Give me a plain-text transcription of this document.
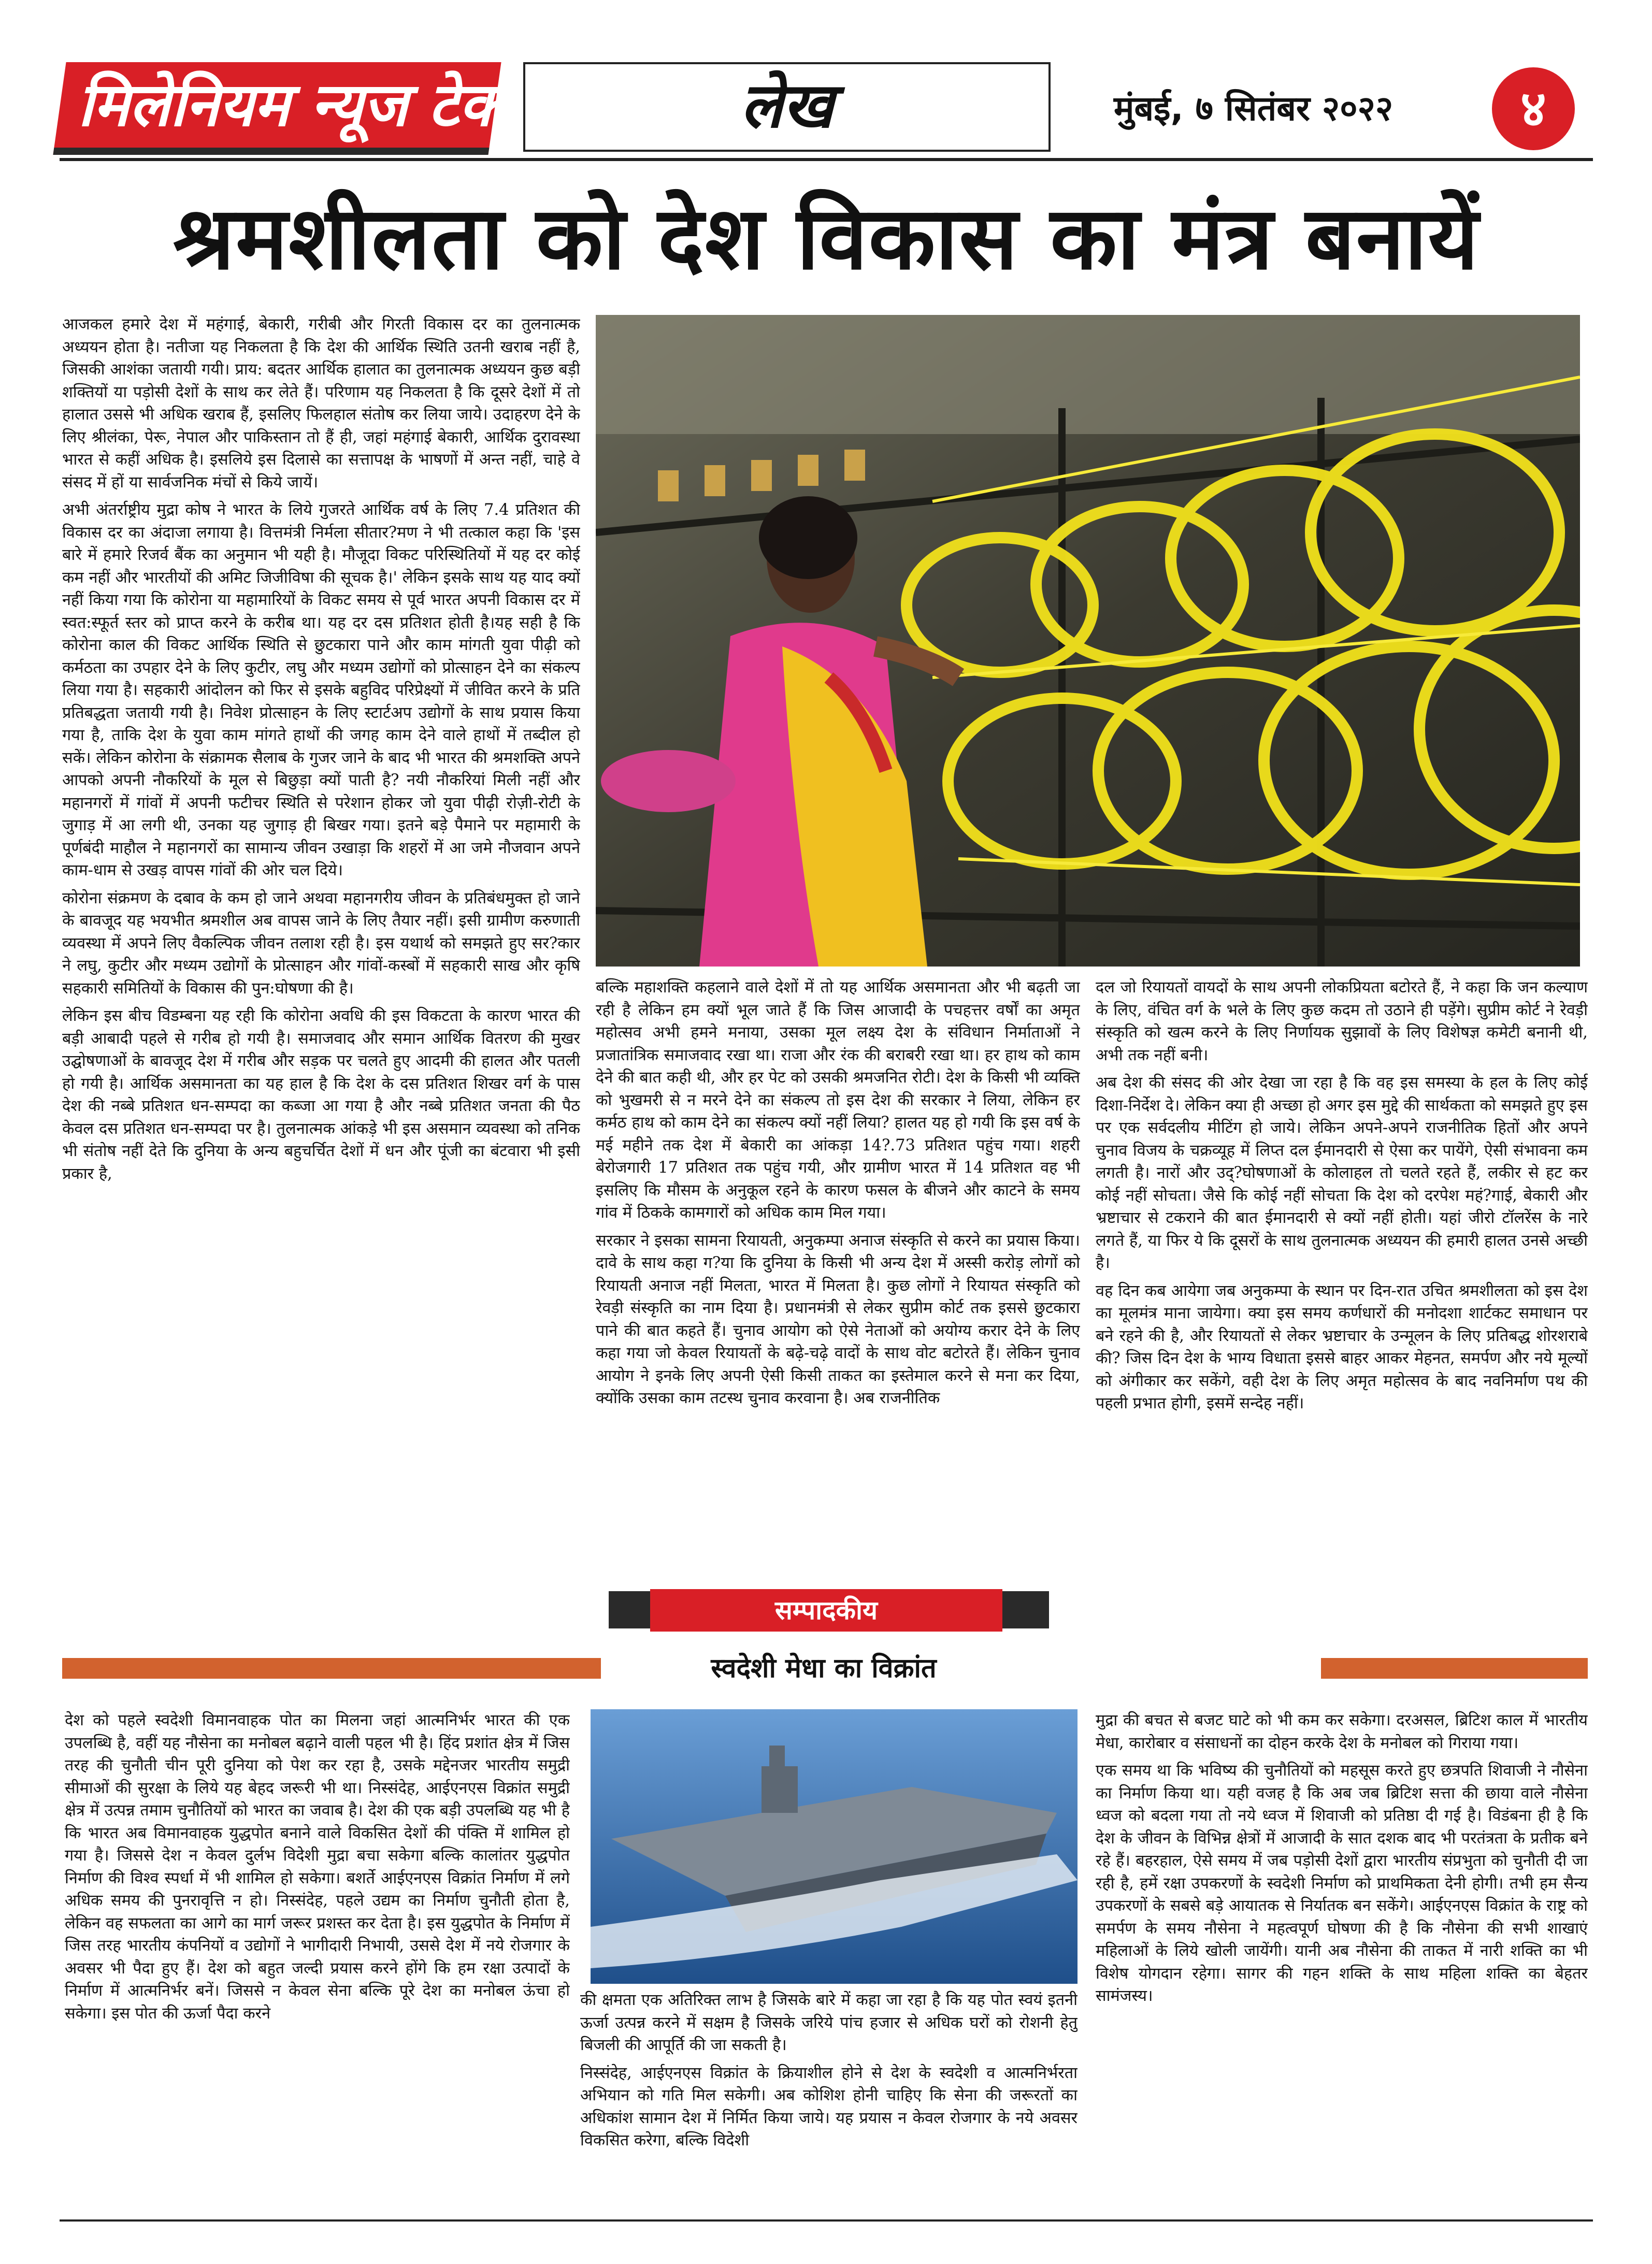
मिलेनियम न्यूज टेक	लेख	मुंबई, ७ सितंबर २०२२	४
श्रमशीलता को देश विकास का मंत्र बनायें

आजकल हमारे देश में महंगाई, बेकारी, गरीबी और गिरती विकास दर का तुलनात्मक अध्ययन होता है। नतीजा यह निकलता है कि देश की आर्थिक स्थिति उतनी खराब नहीं है, जिसकी आशंका जतायी गयी। प्राय: बदतर आर्थिक हालात का तुलनात्मक अध्ययन कुछ बड़ी शक्तियों या पड़ोसी देशों के साथ कर लेते हैं। परिणाम यह निकलता है कि दूसरे देशों में तो हालात उससे भी अधिक खराब हैं, इसलिए फिलहाल संतोष कर लिया जाये। उदाहरण देने के लिए श्रीलंका, पेरू, नेपाल और पाकिस्तान तो हैं ही, जहां महंगाई बेकारी, आर्थिक दुरावस्था भारत से कहीं अधिक है। इसलिये इस दिलासे का सत्तापक्ष के भाषणों में अन्त नहीं, चाहे वे संसद में हों या सार्वजनिक मंचों से किये जायें।

अभी अंतर्राष्ट्रीय मुद्रा कोष ने भारत के लिये गुजरते आर्थिक वर्ष के लिए 7.4 प्रतिशत की विकास दर का अंदाजा लगाया है। वित्तमंत्री निर्मला सीतार?मण ने भी तत्काल कहा कि 'इस बारे में हमारे रिजर्व बैंक का अनुमान भी यही है। मौजूदा विकट परिस्थितियों में यह दर कोई कम नहीं और भारतीयों की अमिट जिजीविषा की सूचक है।' लेकिन इसके साथ यह याद क्यों नहीं किया गया कि कोरोना या महामारियों के विकट समय से पूर्व भारत अपनी विकास दर में स्वत:स्फूर्त स्तर को प्राप्त करने के करीब था। यह दर दस प्रतिशत होती है।यह सही है कि कोरोना काल की विकट आर्थिक स्थिति से छुटकारा पाने और काम मांगती युवा पीढ़ी को कर्मठता का उपहार देने के लिए कुटीर, लघु और मध्यम उद्योगों को प्रोत्साहन देने का संकल्प लिया गया है। सहकारी आंदोलन को फिर से इसके बहुविद परिप्रेक्ष्यों में जीवित करने के प्रति प्रतिबद्धता जतायी गयी है। निवेश प्रोत्साहन के लिए स्टार्टअप उद्योगों के साथ प्रयास किया गया है, ताकि देश के युवा काम मांगते हाथों की जगह काम देने वाले हाथों में तब्दील हो सकें। लेकिन कोरोना के संक्रामक सैलाब के गुजर जाने के बाद भी भारत की श्रमशक्ति अपने आपको अपनी नौकरियों के मूल से बिछुड़ा क्यों पाती है? नयी नौकरियां मिली नहीं और महानगरों में गांवों में अपनी फटीचर स्थिति से परेशान होकर जो युवा पीढ़ी रोज़ी-रोटी के जुगाड़ में आ लगी थी, उनका यह जुगाड़ ही बिखर गया। इतने बड़े पैमाने पर महामारी के पूर्णबंदी माहौल ने महानगरों का सामान्य जीवन उखाड़ा कि शहरों में आ जमे नौजवान अपने काम-धाम से उखड़ वापस गांवों की ओर चल दिये।

कोरोना संक्रमण के दबाव के कम हो जाने अथवा महानगरीय जीवन के प्रतिबंधमुक्त हो जाने के बावजूद यह भयभीत श्रमशील अब वापस जाने के लिए तैयार नहीं। इसी ग्रामीण करुणाती व्यवस्था में अपने लिए वैकल्पिक जीवन तलाश रही है। इस यथार्थ को समझते हुए सर?कार ने लघु, कुटीर और मध्यम उद्योगों के प्रोत्साहन और गांवों-कस्बों में सहकारी साख और कृषि सहकारी समितियों के विकास की पुन:घोषणा की है।

लेकिन इस बीच विडम्बना यह रही कि कोरोना अवधि की इस विकटता के कारण भारत की बड़ी आबादी पहले से गरीब हो गयी है। समाजवाद और समान आर्थिक वितरण की मुखर उद्घोषणाओं के बावजूद देश में गरीब और सड़क पर चलते हुए आदमी की हालत और पतली हो गयी है। आर्थिक असमानता का यह हाल है कि देश के दस प्रतिशत शिखर वर्ग के पास देश की नब्बे प्रतिशत धन-सम्पदा का कब्जा आ गया है और नब्बे प्रतिशत जनता की पैठ केवल दस प्रतिशत धन-सम्पदा पर है। तुलनात्मक आंकड़े भी इस असमान व्यवस्था को तनिक भी संतोष नहीं देते कि दुनिया के अन्य बहुचर्चित देशों में धन और पूंजी का बंटवारा भी इसी प्रकार है,

बल्कि महाशक्ति कहलाने वाले देशों में तो यह आर्थिक असमानता और भी बढ़ती जा रही है लेकिन हम क्यों भूल जाते हैं कि जिस आजादी के पचहत्तर वर्षों का अमृत महोत्सव अभी हमने मनाया, उसका मूल लक्ष्य देश के संविधान निर्माताओं ने प्रजातांत्रिक समाजवाद रखा था। राजा और रंक की बराबरी रखा था। हर हाथ को काम देने की बात कही थी, और हर पेट को उसकी श्रमजनित रोटी। देश के किसी भी व्यक्ति को भुखमरी से न मरने देने का संकल्प तो इस देश की सरकार ने लिया, लेकिन हर कर्मठ हाथ को काम देने का संकल्प क्यों नहीं लिया? हालत यह हो गयी कि इस वर्ष के मई महीने तक देश में बेकारी का आंकड़ा 14?.73 प्रतिशत पहुंच गया। शहरी बेरोजगारी 17 प्रतिशत तक पहुंच गयी, और ग्रामीण भारत में 14 प्रतिशत वह भी इसलिए कि मौसम के अनुकूल रहने के कारण फसल के बीजने और काटने के समय गांव में ठिकके कामगारों को अधिक काम मिल गया।

सरकार ने इसका सामना रियायती, अनुकम्पा अनाज संस्कृति से करने का प्रयास किया। दावे के साथ कहा ग?या कि दुनिया के किसी भी अन्य देश में अस्सी करोड़ लोगों को रियायती अनाज नहीं मिलता, भारत में मिलता है। कुछ लोगों ने रियायत संस्कृति को रेवड़ी संस्कृति का नाम दिया है। प्रधानमंत्री से लेकर सुप्रीम कोर्ट तक इससे छुटकारा पाने की बात कहते हैं। चुनाव आयोग को ऐसे नेताओं को अयोग्य करार देने के लिए कहा गया जो केवल रियायतों के बढ़े-चढ़े वादों के साथ वोट बटोरते हैं। लेकिन चुनाव आयोग ने इनके लिए अपनी ऐसी किसी ताकत का इस्तेमाल करने से मना कर दिया, क्योंकि उसका काम तटस्थ चुनाव करवाना है। अब राजनीतिक

दल जो रियायतों वायदों के साथ अपनी लोकप्रियता बटोरते हैं, ने कहा कि जन कल्याण के लिए, वंचित वर्ग के भले के लिए कुछ कदम तो उठाने ही पड़ेंगे। सुप्रीम कोर्ट ने रेवड़ी संस्कृति को खत्म करने के लिए निर्णायक सुझावों के लिए विशेषज्ञ कमेटी बनानी थी, अभी तक नहीं बनी।

अब देश की संसद की ओर देखा जा रहा है कि वह इस समस्या के हल के लिए कोई दिशा-निर्देश दे। लेकिन क्या ही अच्छा हो अगर इस मुद्दे की सार्थकता को समझते हुए इस पर एक सर्वदलीय मीटिंग हो जाये। लेकिन अपने-अपने राजनीतिक हितों और अपने चुनाव विजय के चक्रव्यूह में लिप्त दल ईमानदारी से ऐसा कर पायेंगे, ऐसी संभावना कम लगती है। नारों और उद्?घोषणाओं के कोलाहल तो चलते रहते हैं, लकीर से हट कर कोई नहीं सोचता। जैसे कि कोई नहीं सोचता कि देश को दरपेश महं?गाई, बेकारी और भ्रष्टाचार से टकराने की बात ईमानदारी से क्यों नहीं होती। यहां जीरो टॉलरेंस के नारे लगते हैं, या फिर ये कि दूसरों के साथ तुलनात्मक अध्ययन की हमारी हालत उनसे अच्छी है।

वह दिन कब आयेगा जब अनुकम्पा के स्थान पर दिन-रात उचित श्रमशीलता को इस देश का मूलमंत्र माना जायेगा। क्या इस समय कर्णधारों की मनोदशा शार्टकट समाधान पर बने रहने की है, और रियायतों से लेकर भ्रष्टाचार के उन्मूलन के लिए प्रतिबद्ध शोरशराबे की? जिस दिन देश के भाग्य विधाता इससे बाहर आकर मेहनत, समर्पण और नये मूल्यों को अंगीकार कर सकेंगे, वही देश के लिए अमृत महोत्सव के बाद नवनिर्माण पथ की पहली प्रभात होगी, इसमें सन्देह नहीं।

सम्पादकीय
स्वदेशी मेधा का विक्रांत

देश को पहले स्वदेशी विमानवाहक पोत का मिलना जहां आत्मनिर्भर भारत की एक उपलब्धि है, वहीं यह नौसेना का मनोबल बढ़ाने वाली पहल भी है। हिंद प्रशांत क्षेत्र में जिस तरह की चुनौती चीन पूरी दुनिया को पेश कर रहा है, उसके मद्देनजर भारतीय समुद्री सीमाओं की सुरक्षा के लिये यह बेहद जरूरी भी था। निस्संदेह, आईएनएस विक्रांत समुद्री क्षेत्र में उत्पन्न तमाम चुनौतियों को भारत का जवाब है। देश की एक बड़ी उपलब्धि यह भी है कि भारत अब विमानवाहक युद्धपोत बनाने वाले विकसित देशों की पंक्ति में शामिल हो गया है। जिससे देश न केवल दुर्लभ विदेशी मुद्रा बचा सकेगा बल्कि कालांतर युद्धपोत निर्माण की विश्व स्पर्धा में भी शामिल हो सकेगा। बशर्ते आईएनएस विक्रांत निर्माण में लगे अधिक समय की पुनरावृत्ति न हो। निस्संदेह, पहले उद्यम का निर्माण चुनौती होता है, लेकिन वह सफलता का आगे का मार्ग जरूर प्रशस्त कर देता है। इस युद्धपोत के निर्माण में जिस तरह भारतीय कंपनियों व उद्योगों ने भागीदारी निभायी, उससे देश में नये रोजगार के अवसर भी पैदा हुए हैं। देश को बहुत जल्दी प्रयास करने होंगे कि हम रक्षा उत्पादों के निर्माण में आत्मनिर्भर बनें। जिससे न केवल सेना बल्कि पूरे देश का मनोबल ऊंचा हो सकेगा। इस पोत की ऊर्जा पैदा करने

की क्षमता एक अतिरिक्त लाभ है जिसके बारे में कहा जा रहा है कि यह पोत स्वयं इतनी ऊर्जा उत्पन्न करने में सक्षम है जिसके जरिये पांच हजार से अधिक घरों को रोशनी हेतु बिजली की आपूर्ति की जा सकती है।

निस्संदेह, आईएनएस विक्रांत के क्रियाशील होने से देश के स्वदेशी व आत्मनिर्भरता अभियान को गति मिल सकेगी। अब कोशिश होनी चाहिए कि सेना की जरूरतों का अधिकांश सामान देश में निर्मित किया जाये। यह प्रयास न केवल रोजगार के नये अवसर विकसित करेगा, बल्कि विदेशी

मुद्रा की बचत से बजट घाटे को भी कम कर सकेगा। दरअसल, ब्रिटिश काल में भारतीय मेधा, कारोबार व संसाधनों का दोहन करके देश के मनोबल को गिराया गया।

एक समय था कि भविष्य की चुनौतियों को महसूस करते हुए छत्रपति शिवाजी ने नौसेना का निर्माण किया था। यही वजह है कि अब जब ब्रिटिश सत्ता की छाया वाले नौसेना ध्वज को बदला गया तो नये ध्वज में शिवाजी को प्रतिष्ठा दी गई है। विडंबना ही है कि देश के जीवन के विभिन्न क्षेत्रों में आजादी के सात दशक बाद भी परतंत्रता के प्रतीक बने रहे हैं। बहरहाल, ऐसे समय में जब पड़ोसी देशों द्वारा भारतीय संप्रभुता को चुनौती दी जा रही है, हमें रक्षा उपकरणों के स्वदेशी निर्माण को प्राथमिकता देनी होगी। तभी हम सैन्य उपकरणों के सबसे बड़े आयातक से निर्यातक बन सकेंगे। आईएनएस विक्रांत के राष्ट्र को समर्पण के समय नौसेना ने महत्वपूर्ण घोषणा की है कि नौसेना की सभी शाखाएं महिलाओं के लिये खोली जायेंगी। यानी अब नौसेना की ताकत में नारी शक्ति का भी विशेष योगदान रहेगा। सागर की गहन शक्ति के साथ महिला शक्ति का बेहतर सामंजस्य।
